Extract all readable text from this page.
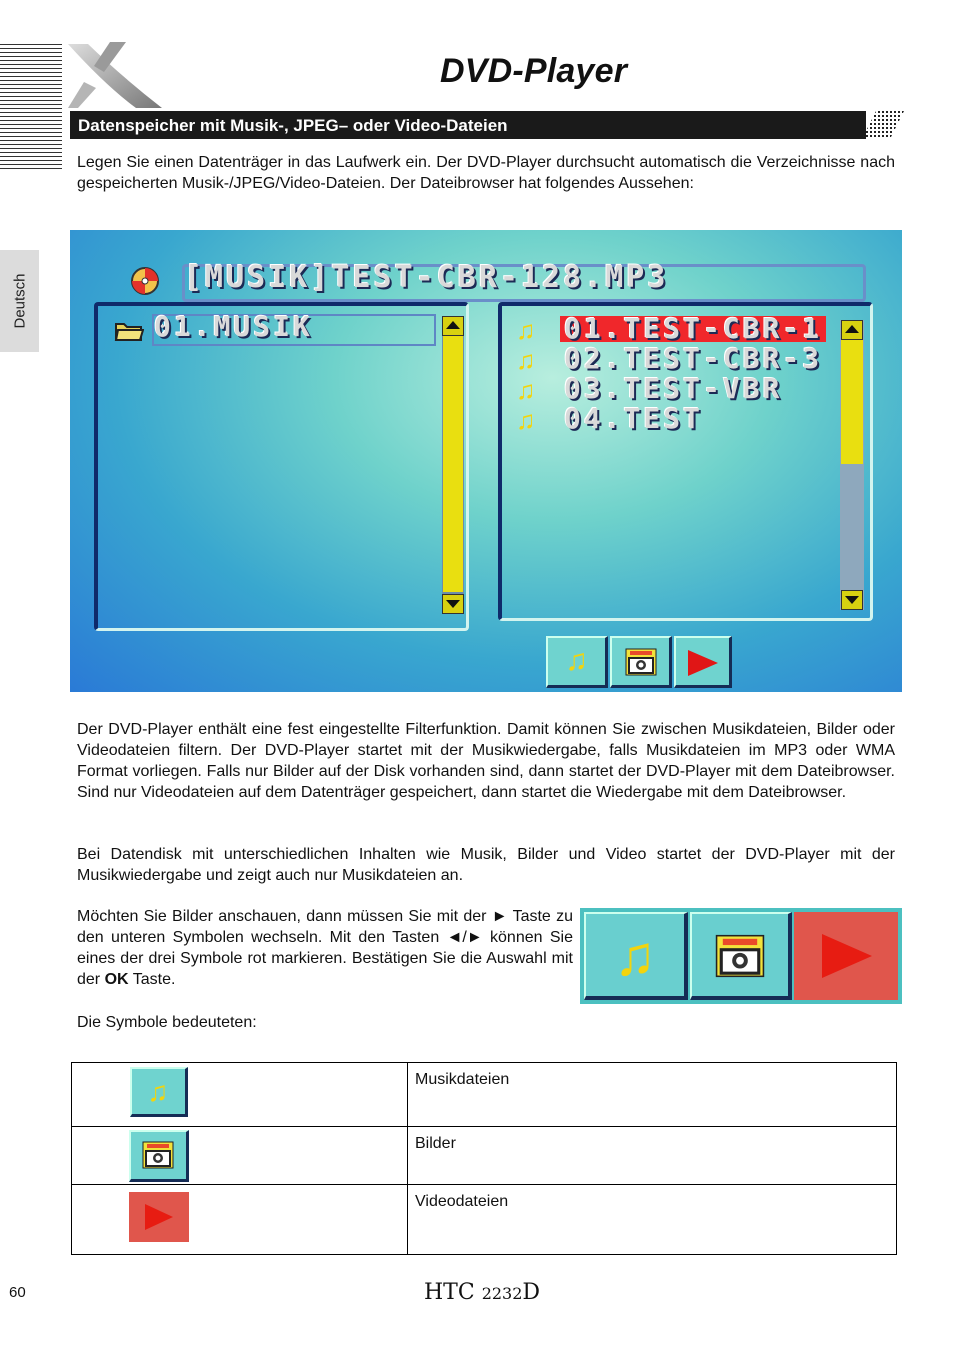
DVD-Player
Datenspeicher mit Musik-, JPEG– oder Video-Dateien
Deutsch

Legen Sie einen Datenträger in das Laufwerk ein. Der DVD-Player durchsucht automatisch die Verzeichnisse nach gespeicherten Musik-/JPEG/Video-Dateien. Der Dateibrowser hat folgendes Aussehen:

[MUSIK]TEST-CBR-128.MP3
01.MUSIK	♫ 01.TEST-CBR-1
♫ 02.TEST-CBR-3
♫ 03.TEST-VBR
♫ 04.TEST
♫

Der DVD-Player enthält eine fest eingestellte Filterfunktion. Damit können Sie zwischen Musikdateien, Bilder oder Videodateien filtern. Der DVD-Player startet mit der Musikwiedergabe, falls Musikdateien im MP3 oder WMA Format vorliegen. Falls nur Bilder auf der Disk vorhanden sind, dann startet der DVD-Player mit dem Dateibrowser. Sind nur Videodateien auf dem Datenträger gespeichert, dann startet die Wiedergabe mit dem Dateibrowser.

Bei Datendisk mit unterschiedlichen Inhalten wie Musik, Bilder und Video startet der DVD-Player mit der Musikwiedergabe und zeigt auch nur Musikdateien an.

Möchten Sie Bilder anschauen, dann müssen Sie mit der ► Taste zu den unteren Symbolen wechseln. Mit den Tasten ◄/► können Sie eines der drei Symbole rot markieren. Bestätigen Sie die Auswahl mit der OK Taste.

Die Symbole bedeuteten:

♫
♫	Musikdateien

	Bilder

	Videodateien
60	HTC 2232D
